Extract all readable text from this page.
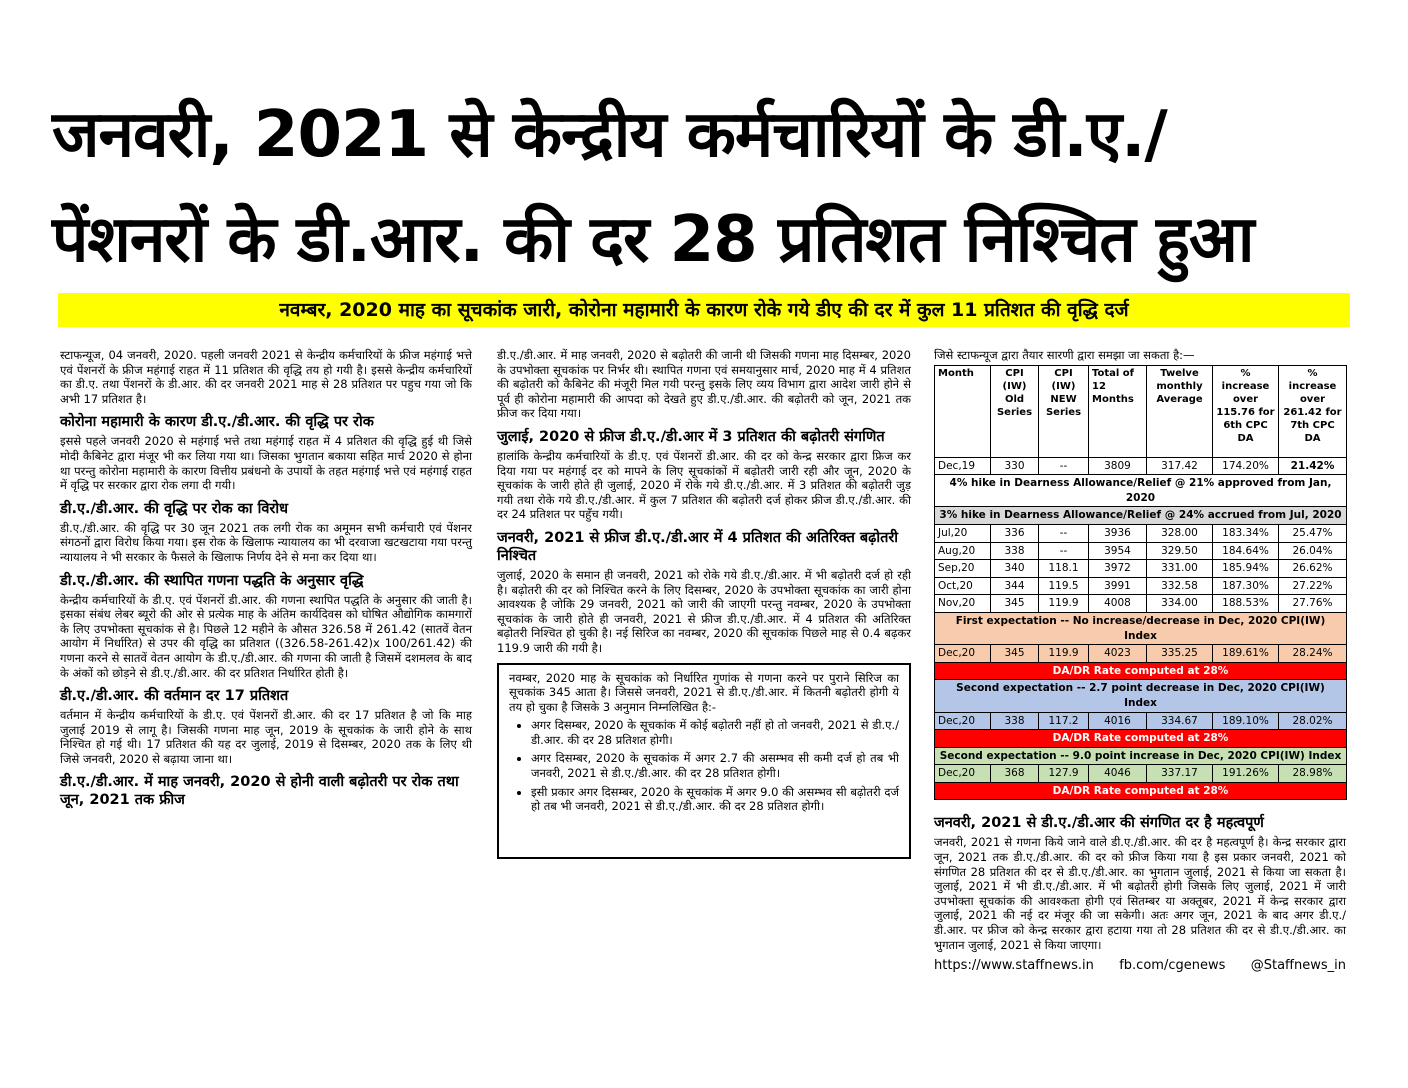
जनवरी, 2021 से केन्द्रीय कर्मचारियों के डी.ए./
पेंशनरों के डी.आर. की दर 28 प्रतिशत निश्चित हुआ
नवम्बर, 2020 माह का सूचकांक जारी, कोरोना महामारी के कारण रोके गये डीए की दर में कुल 11 प्रतिशत की वृद्धि दर्ज

स्टाफन्यूज, 04 जनवरी, 2020. पहली जनवरी 2021 से केन्द्रीय कर्मचारियों के फ्रीज महंगाई भत्ते एवं पेंशनरों के फ्रीज महंगाई राहत में 11 प्रतिशत की वृद्धि तय हो गयी है। इससे केन्द्रीय कर्मचारियों का डी.ए. तथा पेंशनरों के डी.आर. की दर जनवरी 2021 माह से 28 प्रतिशत पर पहुच गया जो कि अभी 17 प्रतिशत है।

कोरोना महामारी के कारण डी.ए./डी.आर. की वृद्धि पर रोक

इससे पहले जनवरी 2020 से महंगाई भत्ते तथा महंगाई राहत में 4 प्रतिशत की वृद्धि हुई थी जिसे मोदी कैबिनेट द्वारा मंजूर भी कर लिया गया था। जिसका भुगतान बकाया सहित मार्च 2020 से होना था परन्तु कोरोना महामारी के कारण वित्तीय प्रबंधनो के उपायों के तहत महंगाई भत्ते एवं महंगाई राहत में वृद्धि पर सरकार द्वारा रोक लगा दी गयी।

डी.ए./डी.आर. की वृद्धि पर रोक का विरोध

डी.ए./डी.आर. की वृद्धि पर 30 जून 2021 तक लगी रोक का अमूमन सभी कर्मचारी एवं पेंशनर संगठनों द्वारा विरोध किया गया। इस रोक के खिलाफ न्यायालय का भी दरवाजा खटखटाया गया परन्तु न्यायालय ने भी सरकार के फैसले के खिलाफ निर्णय देने से मना कर दिया था।

डी.ए./डी.आर. की स्थापित गणना पद्धति के अनुसार वृद्धि

केन्द्रीय कर्मचारियों के डी.ए. एवं पेंशनरों डी.आर. की गणना स्थापित पद्धति के अनुसार की जाती है। इसका संबंध लेबर ब्यूरो की ओर से प्रत्येक माह के अंतिम कार्यदिवस को घोषित औद्योगिक कामगारों के लिए उपभोक्ता सूचकांक से है। पिछले 12 महीने के औसत 326.58 में 261.42 (सातवें वेतन आयोग में निर्धारित) से उपर की वृद्धि का प्रतिशत ((326.58-261.42)x 100/261.42) की गणना करने से सातवें वेतन आयोग के डी.ए./डी.आर. की गणना की जाती है जिसमें दशमलव के बाद के अंकों को छोड़ने से डी.ए./डी.आर. की दर प्रतिशत निर्धारित होती है।

डी.ए./डी.आर. की वर्तमान दर 17 प्रतिशत

वर्तमान में केन्द्रीय कर्मचारियों के डी.ए. एवं पेंशनरों डी.आर. की दर 17 प्रतिशत है जो कि माह जुलाई 2019 से लागू है। जिसकी गणना माह जून, 2019 के सूचकांक के जारी होने के साथ निश्चित हो गई थी। 17 प्रतिशत की यह दर जुलाई, 2019 से दिसम्बर, 2020 तक के लिए थी जिसे जनवरी, 2020 से बढ़ाया जाना था।

डी.ए./डी.आर. में माह जनवरी, 2020 से होनी वाली बढ़ोतरी पर रोक तथा जून, 2021 तक फ्रीज

डी.ए./डी.आर. में माह जनवरी, 2020 से बढ़ोतरी की जानी थी जिसकी गणना माह दिसम्बर, 2020 के उपभोक्ता सूचकांक पर निर्भर थी। स्थापित गणना एवं समयानुसार मार्च, 2020 माह में 4 प्रतिशत की बढ़ोतरी को कैबिनेट की मंजूरी मिल गयी परन्तु इसके लिए व्यय विभाग द्वारा आदेश जारी होने से पूर्व ही कोरोना महामारी की आपदा को देखते हुए डी.ए./डी.आर. की बढ़ोतरी को जून, 2021 तक फ्रीज कर दिया गया।

जुलाई, 2020 से फ्रीज डी.ए./डी.आर में 3 प्रतिशत की बढ़ोतरी संगणित

हालांकि केन्द्रीय कर्मचारियों के डी.ए. एवं पेंशनरों डी.आर. की दर को केन्द्र सरकार द्वारा फ्रिज कर दिया गया पर महंगाई दर को मापने के लिए सूचकांकों में बढ़ोतरी जारी रही और जून, 2020 के सूचकांक के जारी होते ही जुलाई, 2020 में रोके गये डी.ए./डी.आर. में 3 प्रतिशत की बढ़ोतरी जुड़ गयी तथा रोके गये डी.ए./डी.आर. में कुल 7 प्रतिशत की बढ़ोतरी दर्ज होकर फ्रीज डी.ए./डी.आर. की दर 24 प्रतिशत पर पहुँच गयी।

जनवरी, 2021 से फ्रीज डी.ए./डी.आर में 4 प्रतिशत की अतिरिक्त बढ़ोतरी निश्चित

जुलाई, 2020 के समान ही जनवरी, 2021 को रोके गये डी.ए./डी.आर. में भी बढ़ोतरी दर्ज हो रही है। बढ़ोतरी की दर को निश्चित करने के लिए दिसम्बर, 2020 के उपभोक्ता सूचकांक का जारी होना आवश्यक है जोकि 29 जनवरी, 2021 को जारी की जाएगी परन्तु नवम्बर, 2020 के उपभोक्ता सूचकांक के जारी होते ही जनवरी, 2021 से फ्रीज डी.ए./डी.आर. में 4 प्रतिशत की अतिरिक्त बढ़ोतरी निश्चित हो चुकी है। नई सिरिज का नवम्बर, 2020 की सूचकांक पिछले माह से 0.4 बढ़कर 119.9 जारी की गयी है।

नवम्बर, 2020 माह के सूचकांक को निर्धारित गुणांक से गणना करने पर पुराने सिरिज का सूचकांक 345 आता है। जिससे जनवरी, 2021 से डी.ए./डी.आर. में कितनी बढ़ोतरी होगी ये तय हो चुका है जिसके 3 अनुमान निम्नलिखित है:-

• अगर दिसम्बर, 2020 के सूचकांक में कोई बढ़ोतरी नहीं हो तो जनवरी, 2021 से डी.ए./डी.आर. की दर 28 प्रतिशत होगी।
• अगर दिसम्बर, 2020 के सूचकांक में अगर 2.7 की असम्भव सी कमी दर्ज हो तब भी जनवरी, 2021 से डी.ए./डी.आर. की दर 28 प्रतिशत होगी।
• इसी प्रकार अगर दिसम्बर, 2020 के सूचकांक में अगर 9.0 की असम्भव सी बढ़ोतरी दर्ज हो तब भी जनवरी, 2021 से डी.ए./डी.आर. की दर 28 प्रतिशत होगी।
जिसे स्टाफन्यूज द्वारा तैयार सारणी द्वारा समझा जा सकता है:—
Month	CPI (IW) Old Series	CPI (IW) NEW Series	Total of 12 Months	Twelve monthly Average	% increase over 115.76 for 6th CPC DA	% increase over 261.42 for 7th CPC DA
Dec,19	330	--	3809	317.42	174.20%	21.42%
4% hike in Dearness Allowance/Relief @ 21% approved from Jan, 2020						
3% hike in Dearness Allowance/Relief @ 24% accrued from Jul, 2020						
Jul,20	336	--	3936	328.00	183.34%	25.47%
Aug,20	338	--	3954	329.50	184.64%	26.04%
Sep,20	340	118.1	3972	331.00	185.94%	26.62%
Oct,20	344	119.5	3991	332.58	187.30%	27.22%
Nov,20	345	119.9	4008	334.00	188.53%	27.76%
First expectation -- No increase/decrease in Dec, 2020 CPI(IW) Index						
Dec,20	345	119.9	4023	335.25	189.61%	28.24%
DA/DR Rate computed at 28%						
Second expectation -- 2.7 point decrease in Dec, 2020 CPI(IW) Index						
Dec,20	338	117.2	4016	334.67	189.10%	28.02%
DA/DR Rate computed at 28%						
Second expectation -- 9.0 point increase in Dec, 2020 CPI(IW) Index						
Dec,20	368	127.9	4046	337.17	191.26%	28.98%
DA/DR Rate computed at 28%						
जनवरी, 2021 से डी.ए./डी.आर की संगणित दर है महत्वपूर्ण

जनवरी, 2021 से गणना किये जाने वाले डी.ए./डी.आर. की दर है महत्वपूर्ण है। केन्द्र सरकार द्वारा जून, 2021 तक डी.ए./डी.आर. की दर को फ्रीज किया गया है इस प्रकार जनवरी, 2021 को संगणित 28 प्रतिशत की दर से डी.ए./डी.आर. का भुगतान जुलाई, 2021 से किया जा सकता है। जुलाई, 2021 में भी डी.ए./डी.आर. में भी बढ़ोतरी होगी जिसके लिए जुलाई, 2021 में जारी उपभोक्ता सूचकांक की आवश्कता होगी एवं सितम्बर या अक्तूबर, 2021 में केन्द्र सरकार द्वारा जुलाई, 2021 की नई दर मंजूर की जा सकेगी। अतः अगर जून, 2021 के बाद अगर डी.ए./डी.आर. पर फ्रीज को केन्द्र सरकार द्वारा हटाया गया तो 28 प्रतिशत की दर से डी.ए./डी.आर. का भुगतान जुलाई, 2021 से किया जाएगा।

https://www.staffnews.in fb.com/cgenews @Staffnews_in
